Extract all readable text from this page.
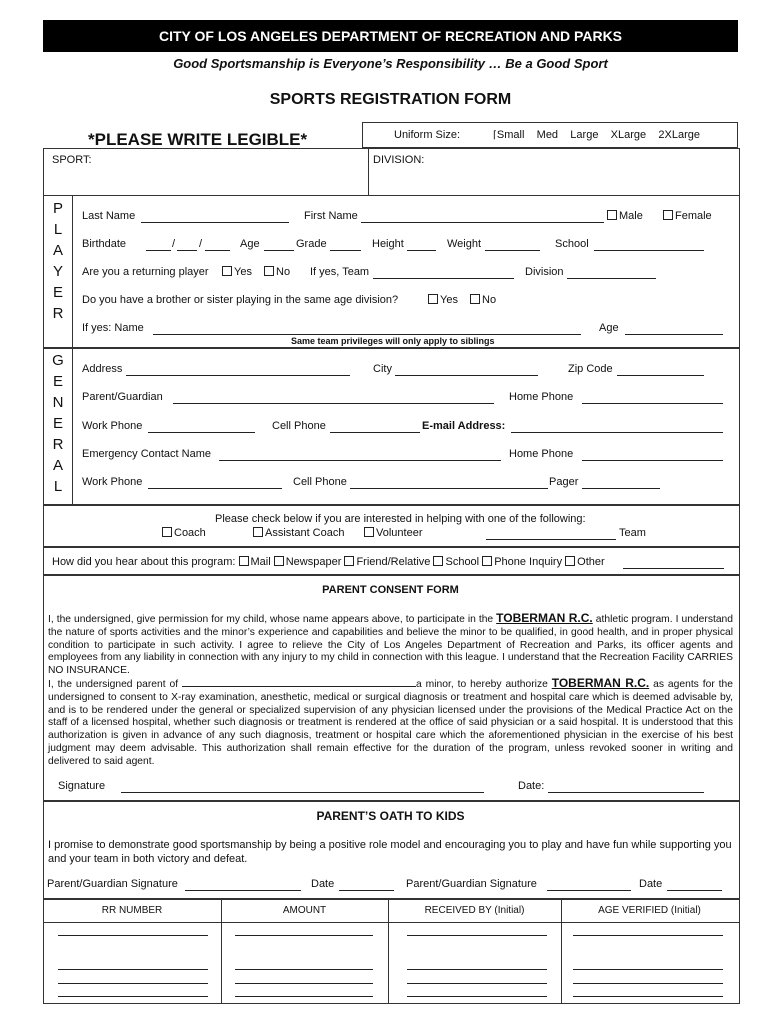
CITY OF LOS ANGELES DEPARTMENT OF RECREATION AND PARKS
Good Sportsmanship is Everyone’s Responsibility … Be a Good Sport
SPORTS REGISTRATION FORM
*PLEASE WRITE LEGIBLE*	Uniform Size:	⌈Small Med Large XLarge 2XLarge
SPORT:	DIVISION:
P
L
A
Y
E
R
Last Name	First Name	Male	Female
Birthdate	/ /	Age	Grade	Height	Weight	School
Are you a returning player	Yes	No If yes, Team	Division
Do you have a brother or sister playing in the same age division?	Yes	No
If yes: Name	Age
Same team privileges will only apply to siblings
G
E
N
E
R
A
L
Address	City	Zip Code
Parent/Guardian	Home Phone
Work Phone	Cell Phone	E-mail Address:
Emergency Contact Name	Home Phone
Work Phone	Cell Phone	Pager
Please check below if you are interested in helping with one of the following:
Coach	Assistant Coach	Volunteer	Team
How did you hear about this program: Mail Newspaper Friend/Relative School Phone Inquiry Other
PARENT CONSENT FORM
I, the undersigned, give permission for my child, whose name appears above, to participate in the TOBERMAN R.C. athletic program. I understand the nature of sports activities and the minor’s experience and capabilities and believe the minor to be qualified, in good health, and in proper physical condition to participate in such activity. I agree to relieve the City of Los Angeles Department of Recreation and Parks, its officer agents and employees from any liability in connection with any injury to my child in connection with this league. I understand that the Recreation Facility CARRIES NO INSURANCE.
I, the undersigned parent of	a minor, to hereby authorize TOBERMAN R.C. as agents for the undersigned to consent to X-ray examination, anesthetic, medical or surgical diagnosis or treatment and hospital care which is deemed advisable by, and is to be rendered under the general or specialized supervision of any physician licensed under the provisions of the Medical Practice Act on the staff of a licensed hospital, whether such diagnosis or treatment is rendered at the office of said physician or a said hospital. It is understood that this authorization is given in advance of any such diagnosis, treatment or hospital care which the aforementioned physician in the exercise of his best judgment may deem advisable. This authorization shall remain effective for the duration of the program, unless revoked sooner in writing and delivered to said agent.
Signature	Date:
PARENT’S OATH TO KIDS
I promise to demonstrate good sportsmanship by being a positive role model and encouraging you to play and have fun while supporting you and your team in both victory and defeat.
Parent/Guardian Signature	Date	Parent/Guardian Signature	Date
RR NUMBER	AMOUNT	RECEIVED BY (Initial)	AGE VERIFIED (Initial)
